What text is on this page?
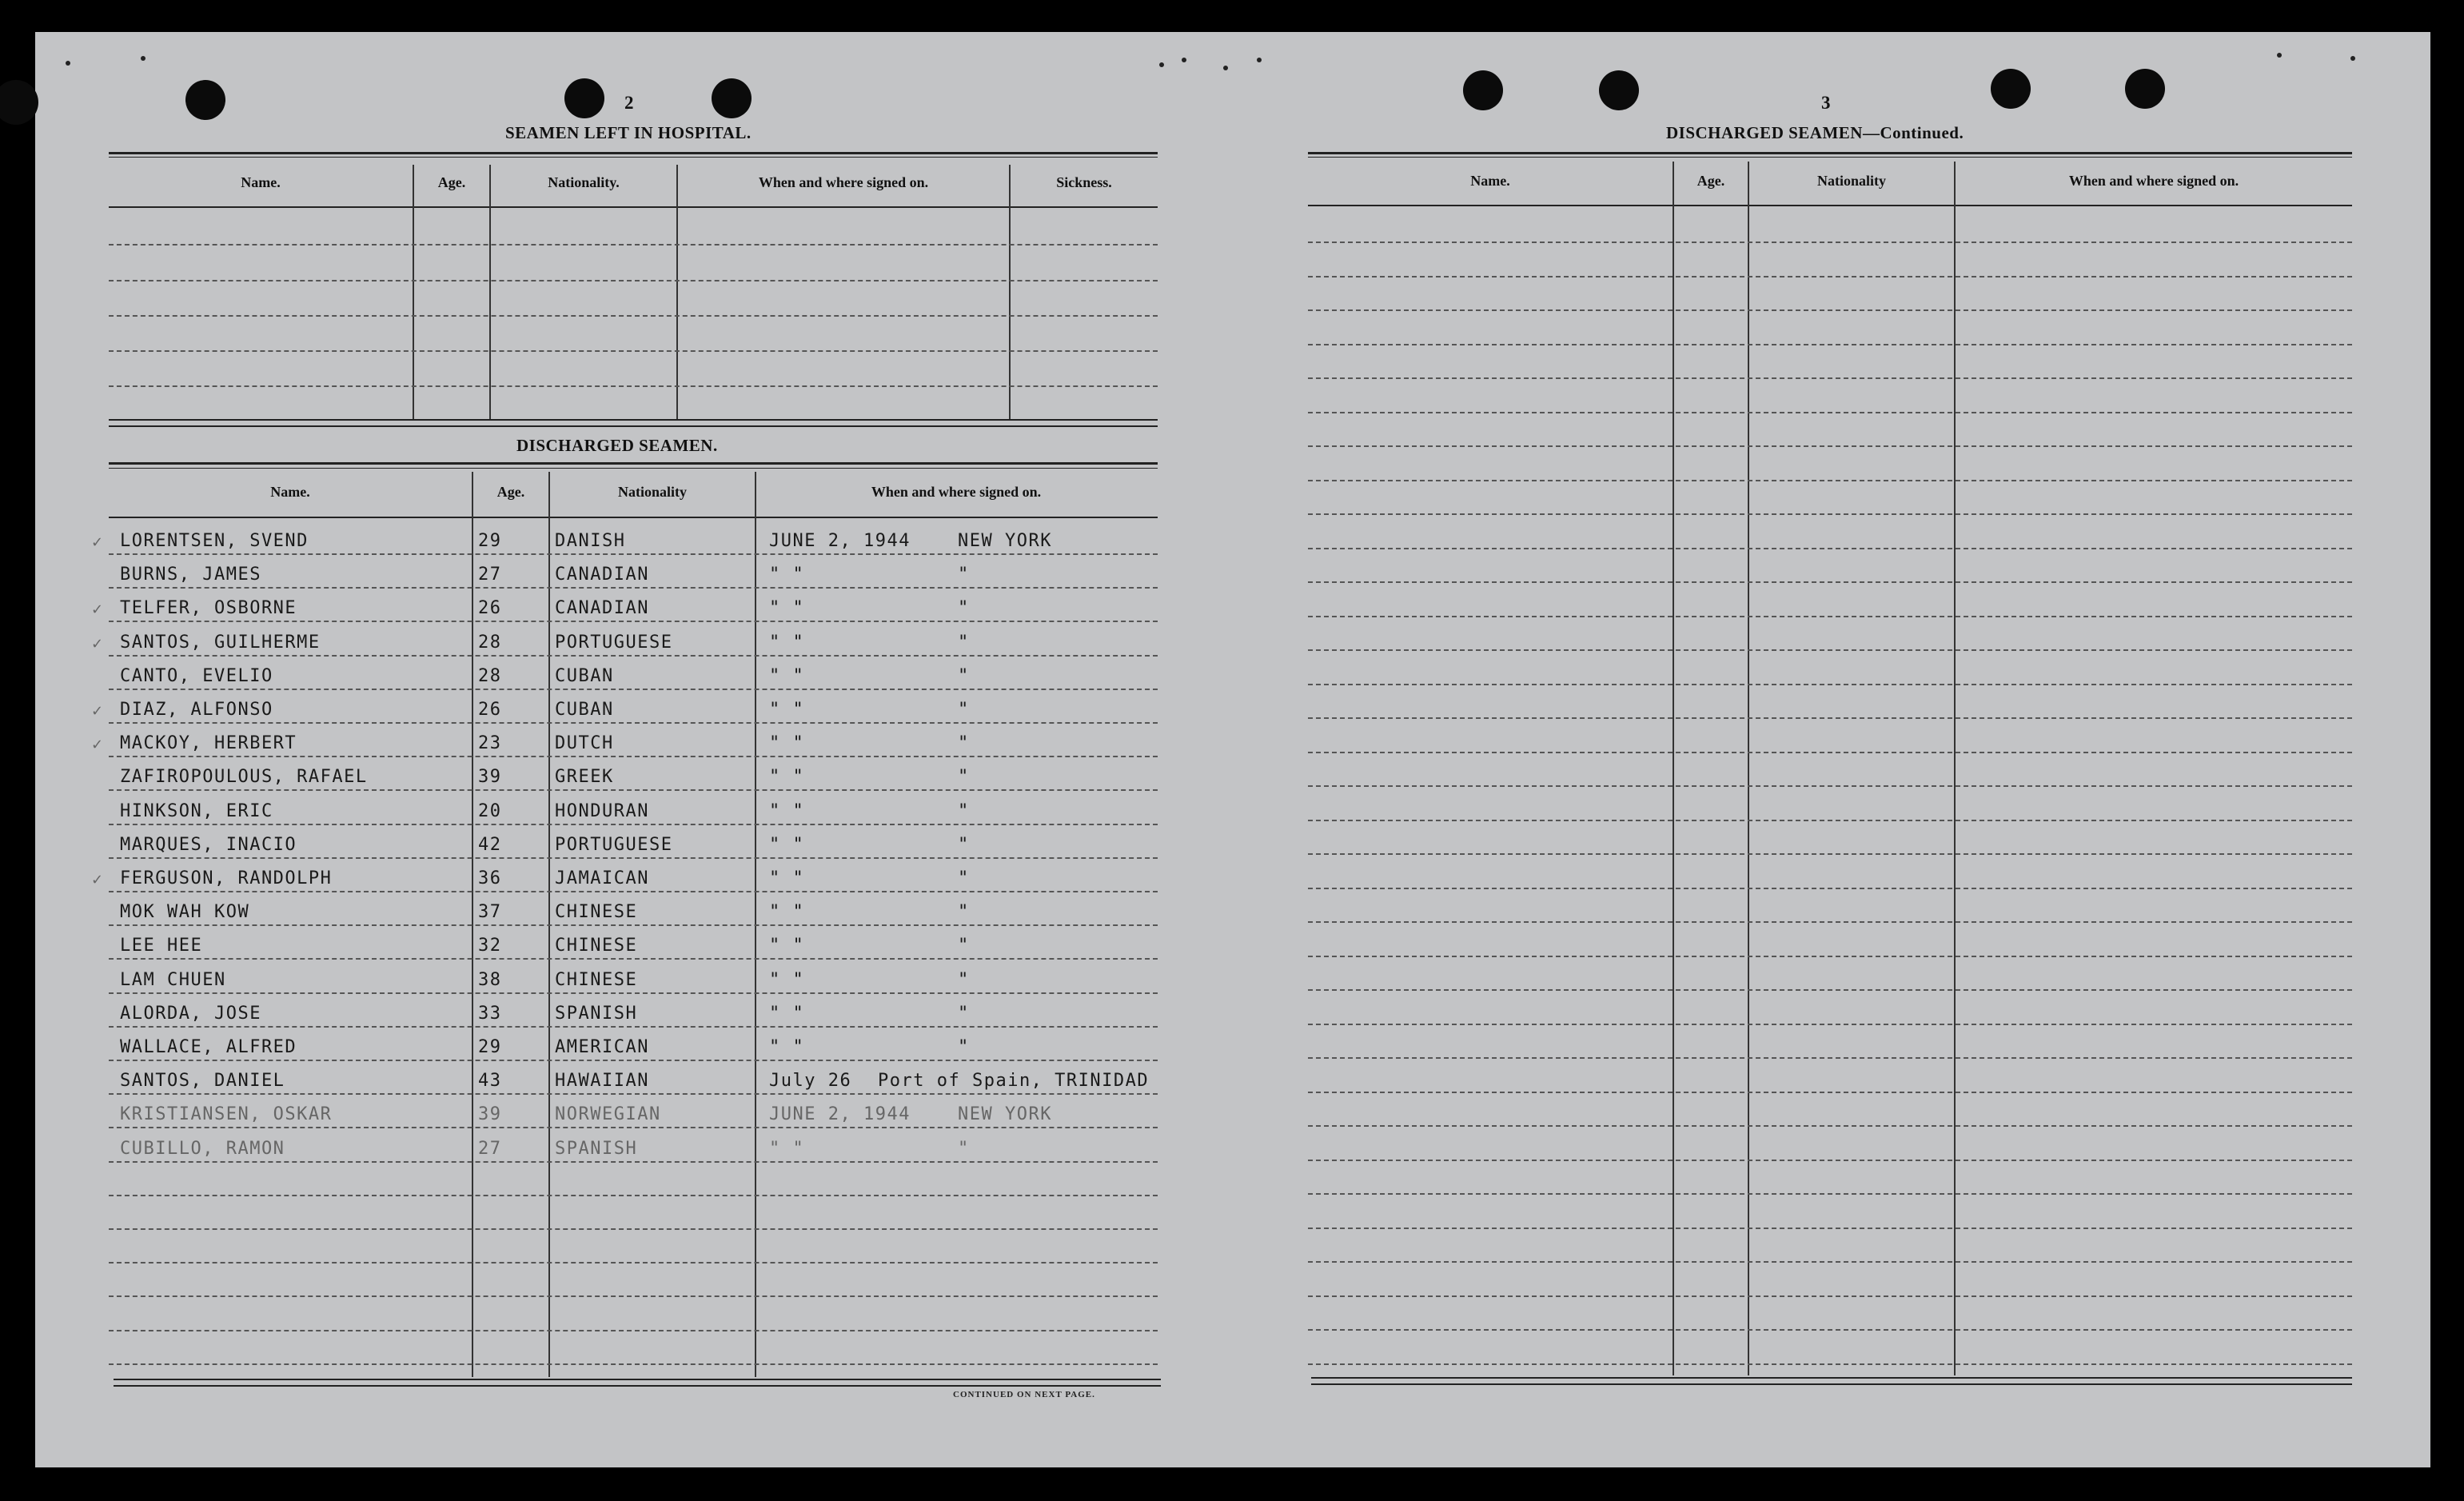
2
SEAMEN LEFT IN HOSPITAL.
Name.	Age.	Nationality.	When and where signed on.	Sickness.
DISCHARGED SEAMEN.
Name.	Age.	Nationality	When and where signed on.
✓ LORENTSEN, SVEND	29	DANISH	JUNE 2, 1944	NEW YORK
BURNS, JAMES	27	CANADIAN	" "	"
✓ TELFER, OSBORNE	26	CANADIAN	" "	"
✓ SANTOS, GUILHERME	28	PORTUGUESE	" "	"
CANTO, EVELIO	28	CUBAN	" "	"
✓ DIAZ, ALFONSO	26	CUBAN	" "	"
✓ MACKOY, HERBERT	23	DUTCH	" "	"
ZAFIROPOULOUS, RAFAEL	39	GREEK	" "	"
HINKSON, ERIC	20	HONDURAN	" "	"
MARQUES, INACIO	42	PORTUGUESE	" "	"
✓ FERGUSON, RANDOLPH	36	JAMAICAN	" "	"
MOK WAH KOW	37	CHINESE	" "	"
LEE HEE	32	CHINESE	" "	"
LAM CHUEN	38	CHINESE	" "	"
ALORDA, JOSE	33	SPANISH	" "	"
WALLACE, ALFRED	29	AMERICAN	" "	"
SANTOS, DANIEL	43	HAWAIIAN	July 26 Port of Spain, TRINIDAD
KRISTIANSEN, OSKAR	39	NORWEGIAN	JUNE 2, 1944	NEW YORK
CUBILLO, RAMON	27	SPANISH	" "	"
CONTINUED ON NEXT PAGE.
3
DISCHARGED SEAMEN—Continued.
Name.	Age.	Nationality	When and where signed on.
